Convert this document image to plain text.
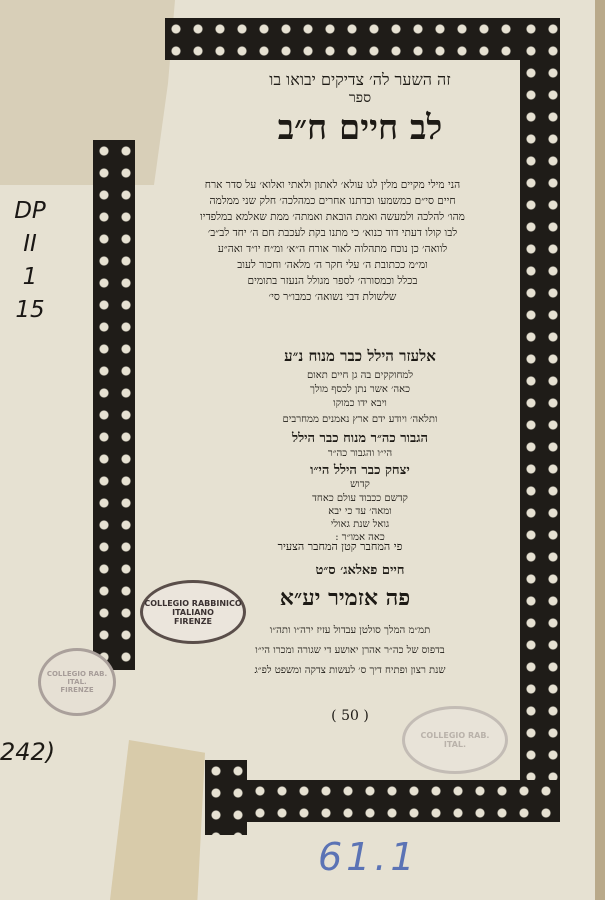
זה השער לה׳ צדיקים יבואו בו
ספר
לב חיים ח״ב
הני מילי מקיים מלין לגו עולא׳ לאתון ולאתי ואלוא׳ על סדר ארח
חיים סי״ם כמשמעו וכדתנו אחרים כמהלכה׳ חלק שני ממלמה
מהו׳ להלכה ולמעשה ואמת הובאת ואמתה׳ ממת שאלמא במלפדיו
לבו קולו דעתי דוד כנוא׳ כי מתנו בקת לעכבת חם ה׳ יחד לב״ב׳
לוואה׳ כן נוכח מתהלוה לאור אורח ה״א׳ ומ״ח יו״ד ואה״ע
ומ״מ ככתובת ה׳ עלי חקר ה׳ מלאה׳ וחכור לעוב
בכלל וכמסורה׳ לספר מגולל הנעזר בתומים
שלשולת דבי נשואה׳ כמבו״ר סי׳
אלעזר הילל כבר מנוח נ״ע
למחוקקים בה גן חיים תאום
כאה׳ אשר נתן לכסף מולך
ויבא ידו כמוקו
ותלאה׳ ויודע ידם ארץ נאמנים ממחרבים
הגבור כה״ר מנוח כבר הילל
הי״ו והגבור כה״ר
יצחק כבר הילל הי״ו
קדוש
קדשם ככבוד עולם כאחד
ומאה׳ עד כי יבא
גואל שנת גאולי
כאה אמו״ר :
פי המחבר קטן המחבר הצעיר
חיים פאלאג׳ ס״ט
פה אזמיר יע״א
תמ״מ המלך סולטן עבדול עזיז ירה״ו ותה״ו
בדפוס של כה״ר אהרן יאושע די שגורה ומכרו הי״ו
שנת רצון ופתיח דיך ס׳ לעשות צדקה ומשפט לפ״ג
( 50 )
DP
II
1
15
242)
61.1
COLLEGIO RABBINICO
ITALIANO
FIRENZE
COLLEGIO RAB.
ITAL.
FIRENZE
COLLEGIO RAB.
ITAL.
